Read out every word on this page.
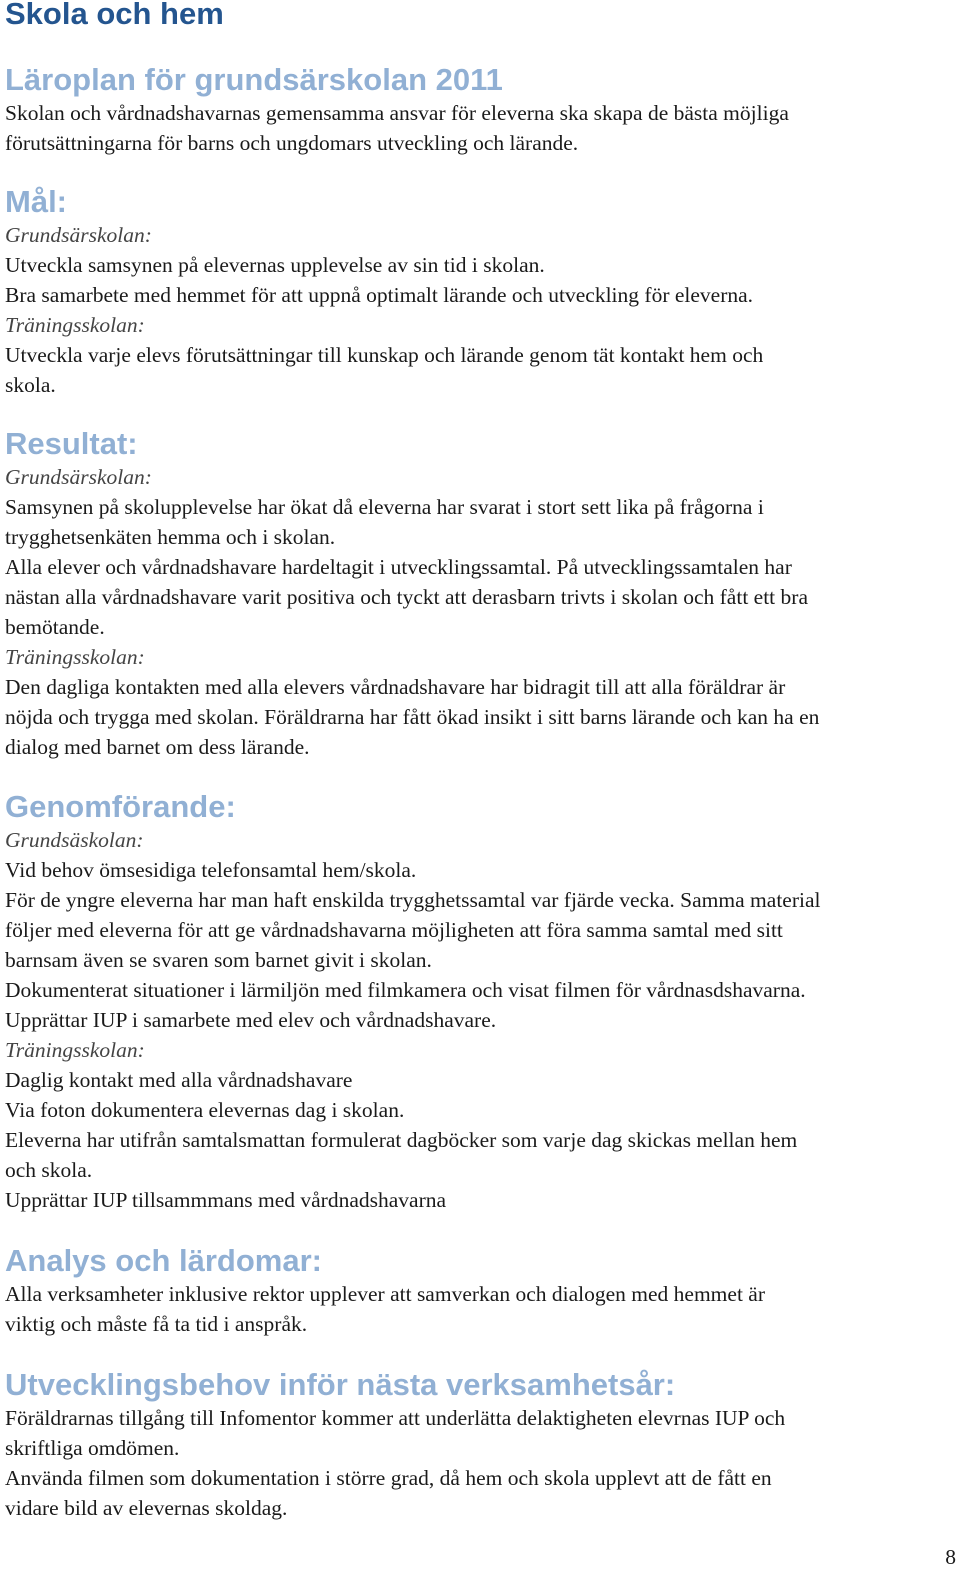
Skola och hem
Läroplan för grundsärskolan 2011

Skolan och vårdnadshavarnas gemensamma ansvar för eleverna ska skapa de bästa möjliga

förutsättningarna för barns och ungdomars utveckling och lärande.

Mål:

Grundsärskolan:

Utveckla samsynen på elevernas upplevelse av sin tid i skolan.

Bra samarbete med hemmet för att uppnå optimalt lärande och utveckling för eleverna.

Träningsskolan:

Utveckla varje elevs förutsättningar till kunskap och lärande genom tät kontakt hem och

skola.

Resultat:

Grundsärskolan:

Samsynen på skolupplevelse har ökat då eleverna har svarat i stort sett lika på frågorna i

trygghetsenkäten hemma och i skolan.

Alla elever och vårdnadshavare hardeltagit i utvecklingssamtal. På utvecklingssamtalen har

nästan alla vårdnadshavare varit positiva och tyckt att derasbarn trivts i skolan och fått ett bra

bemötande.

Träningsskolan:

Den dagliga kontakten med alla elevers vårdnadshavare har bidragit till att alla föräldrar är

nöjda och trygga med skolan. Föräldrarna har fått ökad insikt i sitt barns lärande och kan ha en

dialog med barnet om dess lärande.

Genomförande:

Grundsäskolan:

Vid behov ömsesidiga telefonsamtal hem/skola.

För de yngre eleverna har man haft enskilda trygghetssamtal var fjärde vecka. Samma material

följer med eleverna för att ge vårdnadshavarna möjligheten att föra samma samtal med sitt

barnsam även se svaren som barnet givit i skolan.

Dokumenterat situationer i lärmiljön med filmkamera och visat filmen för vårdnasdshavarna.

Upprättar IUP i samarbete med elev och vårdnadshavare.

Träningsskolan:

Daglig kontakt med alla vårdnadshavare

Via foton dokumentera elevernas dag i skolan.

Eleverna har utifrån samtalsmattan formulerat dagböcker som varje dag skickas mellan hem

och skola.

Upprättar IUP tillsammmans med vårdnadshavarna

Analys och lärdomar:

Alla verksamheter inklusive rektor upplever att samverkan och dialogen med hemmet är

viktig och måste få ta tid i anspråk.

Utvecklingsbehov inför nästa verksamhetsår:

Föräldrarnas tillgång till Infomentor kommer att underlätta delaktigheten elevrnas IUP och

skriftliga omdömen.

Använda filmen som dokumentation i större grad, då hem och skola upplevt att de fått en

vidare bild av elevernas skoldag.

8
